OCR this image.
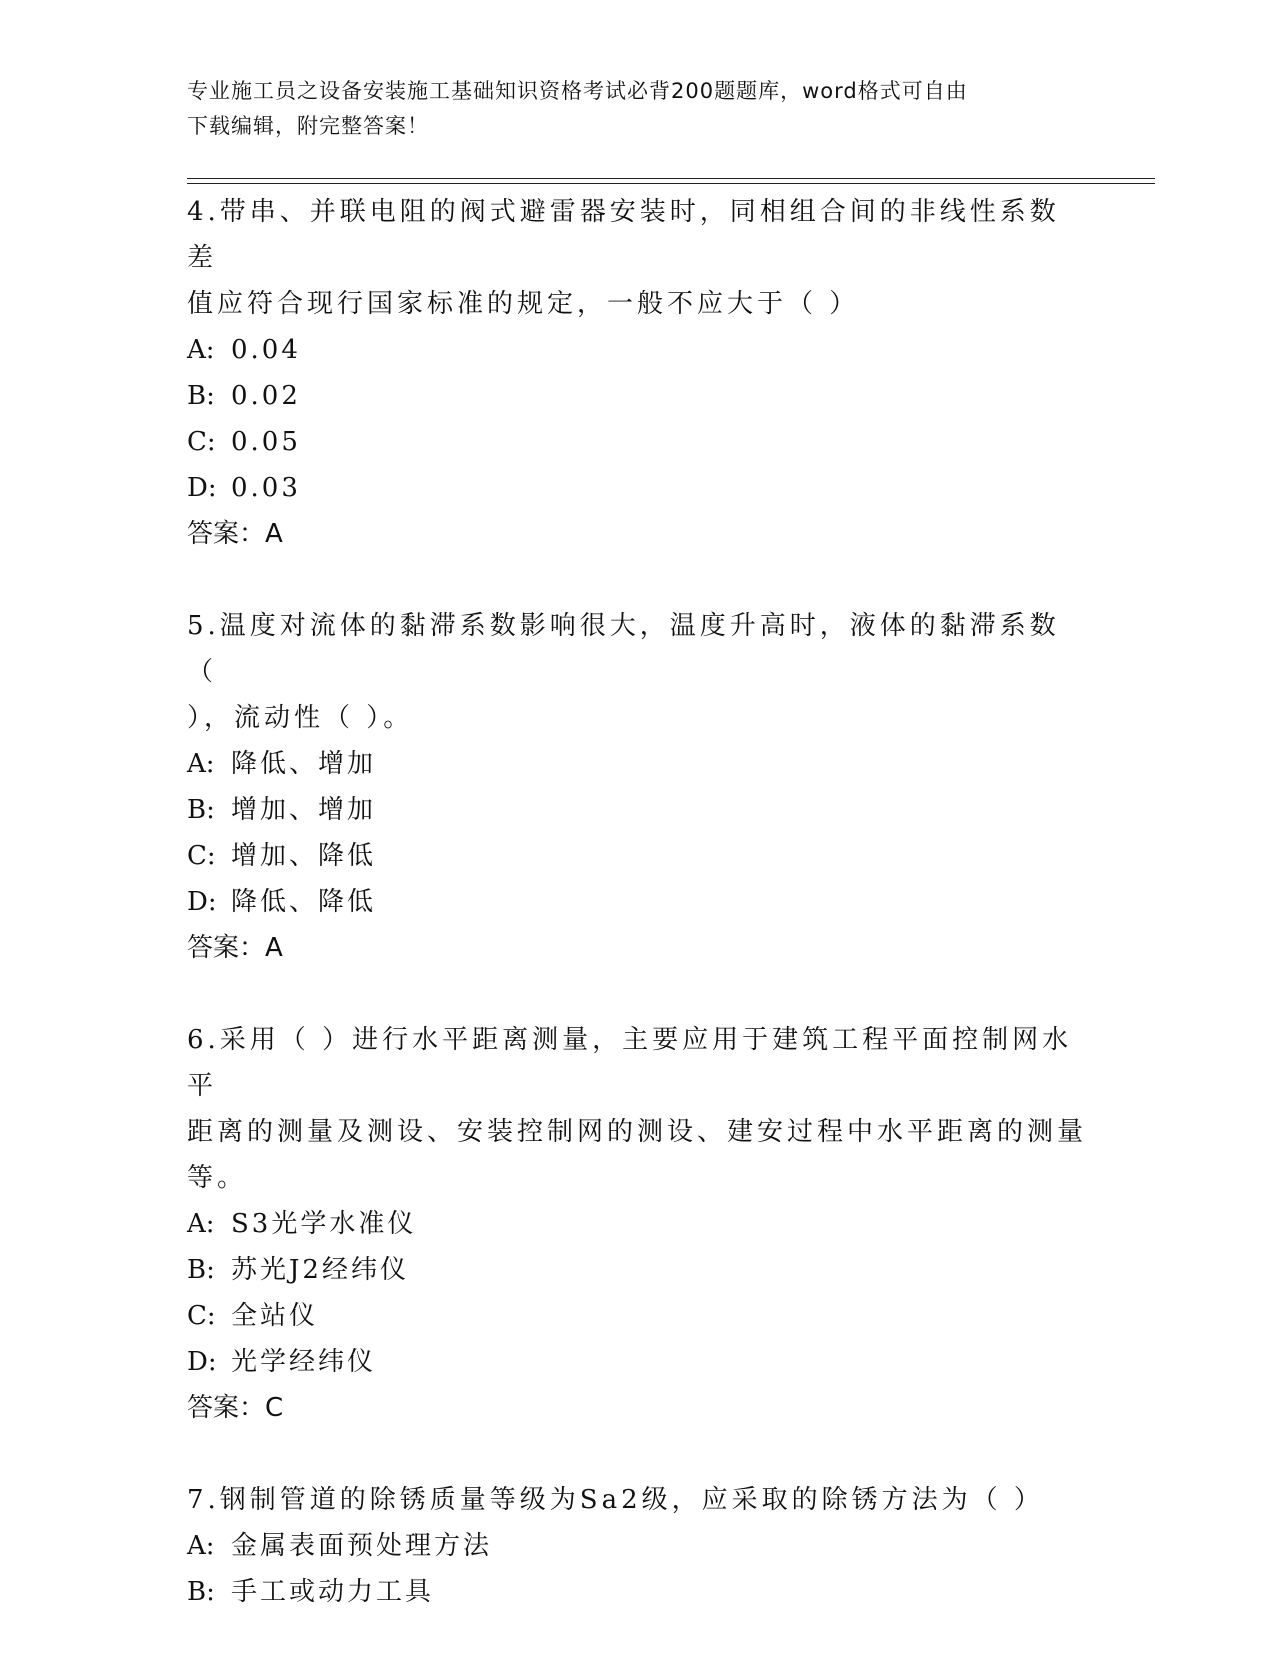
专业施工员之设备安装施工基础知识资格考试必背200题题库，word格式可自由
下载编辑，附完整答案！

4.带串、并联电阻的阀式避雷器安装时，同相组合间的非线性系数差

值应符合现行国家标准的规定，一般不应大于（ ）

A: 0.04

B: 0.02

C: 0.05

D: 0.03

答案：A

5.温度对流体的黏滞系数影响很大，温度升高时，液体的黏滞系数（

），流动性（ ）。

A: 降低、增加

B: 增加、增加

C: 增加、降低

D: 降低、降低

答案：A

6.采用（ ）进行水平距离测量，主要应用于建筑工程平面控制网水平

距离的测量及测设、安装控制网的测设、建安过程中水平距离的测量

等。

A: S3光学水准仪

B: 苏光J2经纬仪

C: 全站仪

D: 光学经纬仪

答案：C

7.钢制管道的除锈质量等级为Sa2级，应采取的除锈方法为（ ）

A: 金属表面预处理方法

B: 手工或动力工具
